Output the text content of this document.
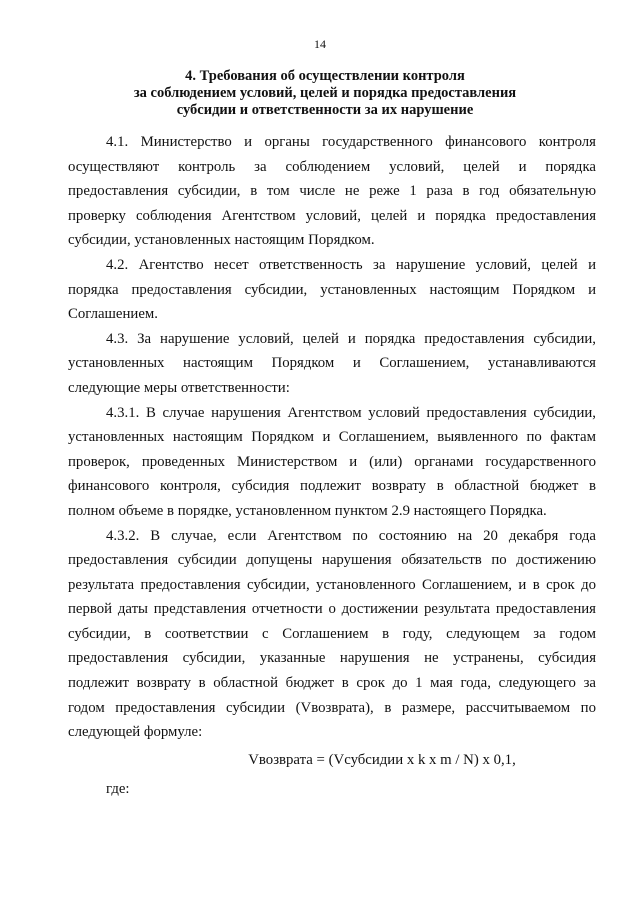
14
4. Требования об осуществлении контроля
за соблюдением условий, целей и порядка предоставления
субсидии и ответственности за их нарушение
4.1. Министерство и органы государственного финансового контроля
осуществляют контроль за соблюдением условий, целей и порядка
предоставления субсидии, в том числе не реже 1 раза в год обязательную
проверку соблюдения Агентством условий, целей и порядка предоставления
субсидии, установленных настоящим Порядком.
4.2. Агентство несет ответственность за нарушение условий, целей и
порядка предоставления субсидии, установленных настоящим Порядком и
Соглашением.
4.3. За нарушение условий, целей и порядка предоставления субсидии,
установленных настоящим Порядком и Соглашением, устанавливаются
следующие меры ответственности:
4.3.1. В случае нарушения Агентством условий предоставления субсидии,
установленных настоящим Порядком и Соглашением, выявленного по фактам
проверок, проведенных Министерством и (или) органами государственного
финансового контроля, субсидия подлежит возврату в областной бюджет в
полном объеме в порядке, установленном пунктом 2.9 настоящего Порядка.
4.3.2. В случае, если Агентством по состоянию на 20 декабря года
предоставления субсидии допущены нарушения обязательств по достижению
результата предоставления субсидии, установленного Соглашением, и в срок до
первой даты представления отчетности о достижении результата предоставления
субсидии, в соответствии с Соглашением в году, следующем за годом
предоставления субсидии, указанные нарушения не устранены, субсидия
подлежит возврату в областной бюджет в срок до 1 мая года, следующего за
годом предоставления субсидии (Vвозврата), в размере, рассчитываемом по
следующей формуле:
Vвозврата = (Vсубсидии x k x m / N) x 0,1,
где:
